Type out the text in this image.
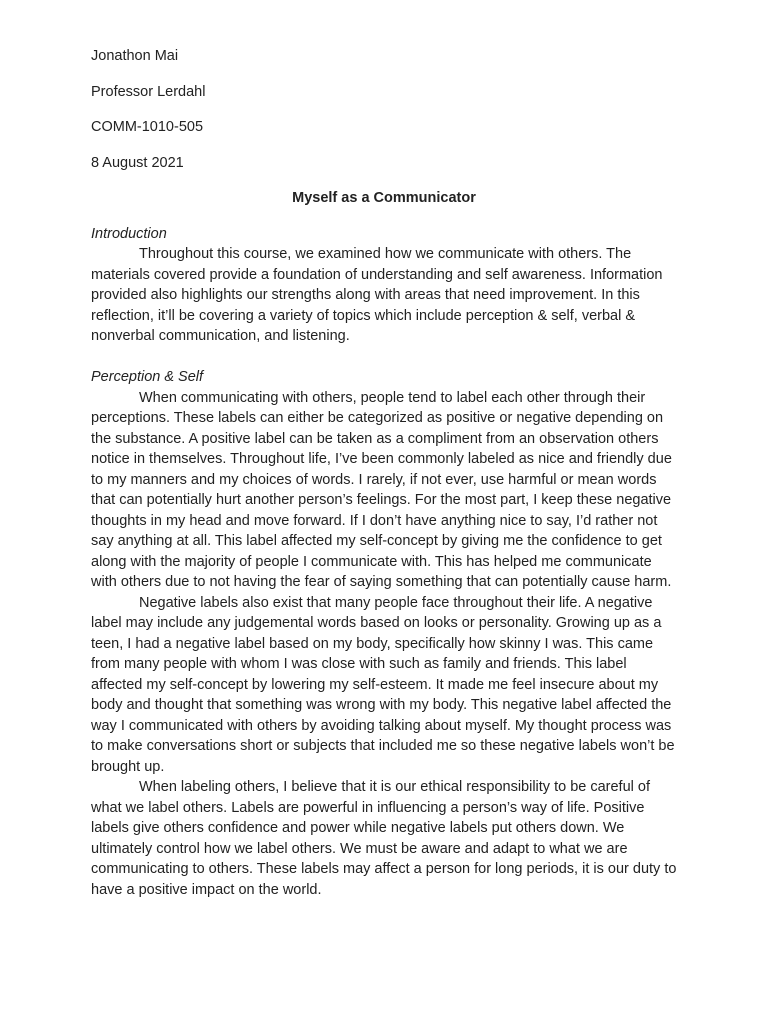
Jonathon Mai

Professor Lerdahl

COMM-1010-505

8 August 2021

Myself as a Communicator

Introduction

Throughout this course, we examined how we communicate with others. The materials covered provide a foundation of understanding and self awareness. Information provided also highlights our strengths along with areas that need improvement. In this reflection, it’ll be covering a variety of topics which include perception & self, verbal & nonverbal communication, and listening.

Perception & Self

When communicating with others, people tend to label each other through their perceptions. These labels can either be categorized as positive or negative depending on the substance. A positive label can be taken as a compliment from an observation others notice in themselves. Throughout life, I’ve been commonly labeled as nice and friendly due to my manners and my choices of words. I rarely, if not ever, use harmful or mean words that can potentially hurt another person’s feelings. For the most part, I keep these negative thoughts in my head and move forward. If I don’t have anything nice to say, I’d rather not say anything at all. This label affected my self-concept by giving me the confidence to get along with the majority of people I communicate with. This has helped me communicate with others due to not having the fear of saying something that can potentially cause harm.

Negative labels also exist that many people face throughout their life. A negative label may include any judgemental words based on looks or personality. Growing up as a teen, I had a negative label based on my body, specifically how skinny I was. This came from many people with whom I was close with such as family and friends. This label affected my self-concept by lowering my self-esteem. It made me feel insecure about my body and thought that something was wrong with my body. This negative label affected the way I communicated with others by avoiding talking about myself. My thought process was to make conversations short or subjects that included me so these negative labels won’t be brought up.

When labeling others, I believe that it is our ethical responsibility to be careful of what we label others. Labels are powerful in influencing a person’s way of life. Positive labels give others confidence and power while negative labels put others down. We ultimately control how we label others. We must be aware and adapt to what we are communicating to others. These labels may affect a person for long periods, it is our duty to have a positive impact on the world.
